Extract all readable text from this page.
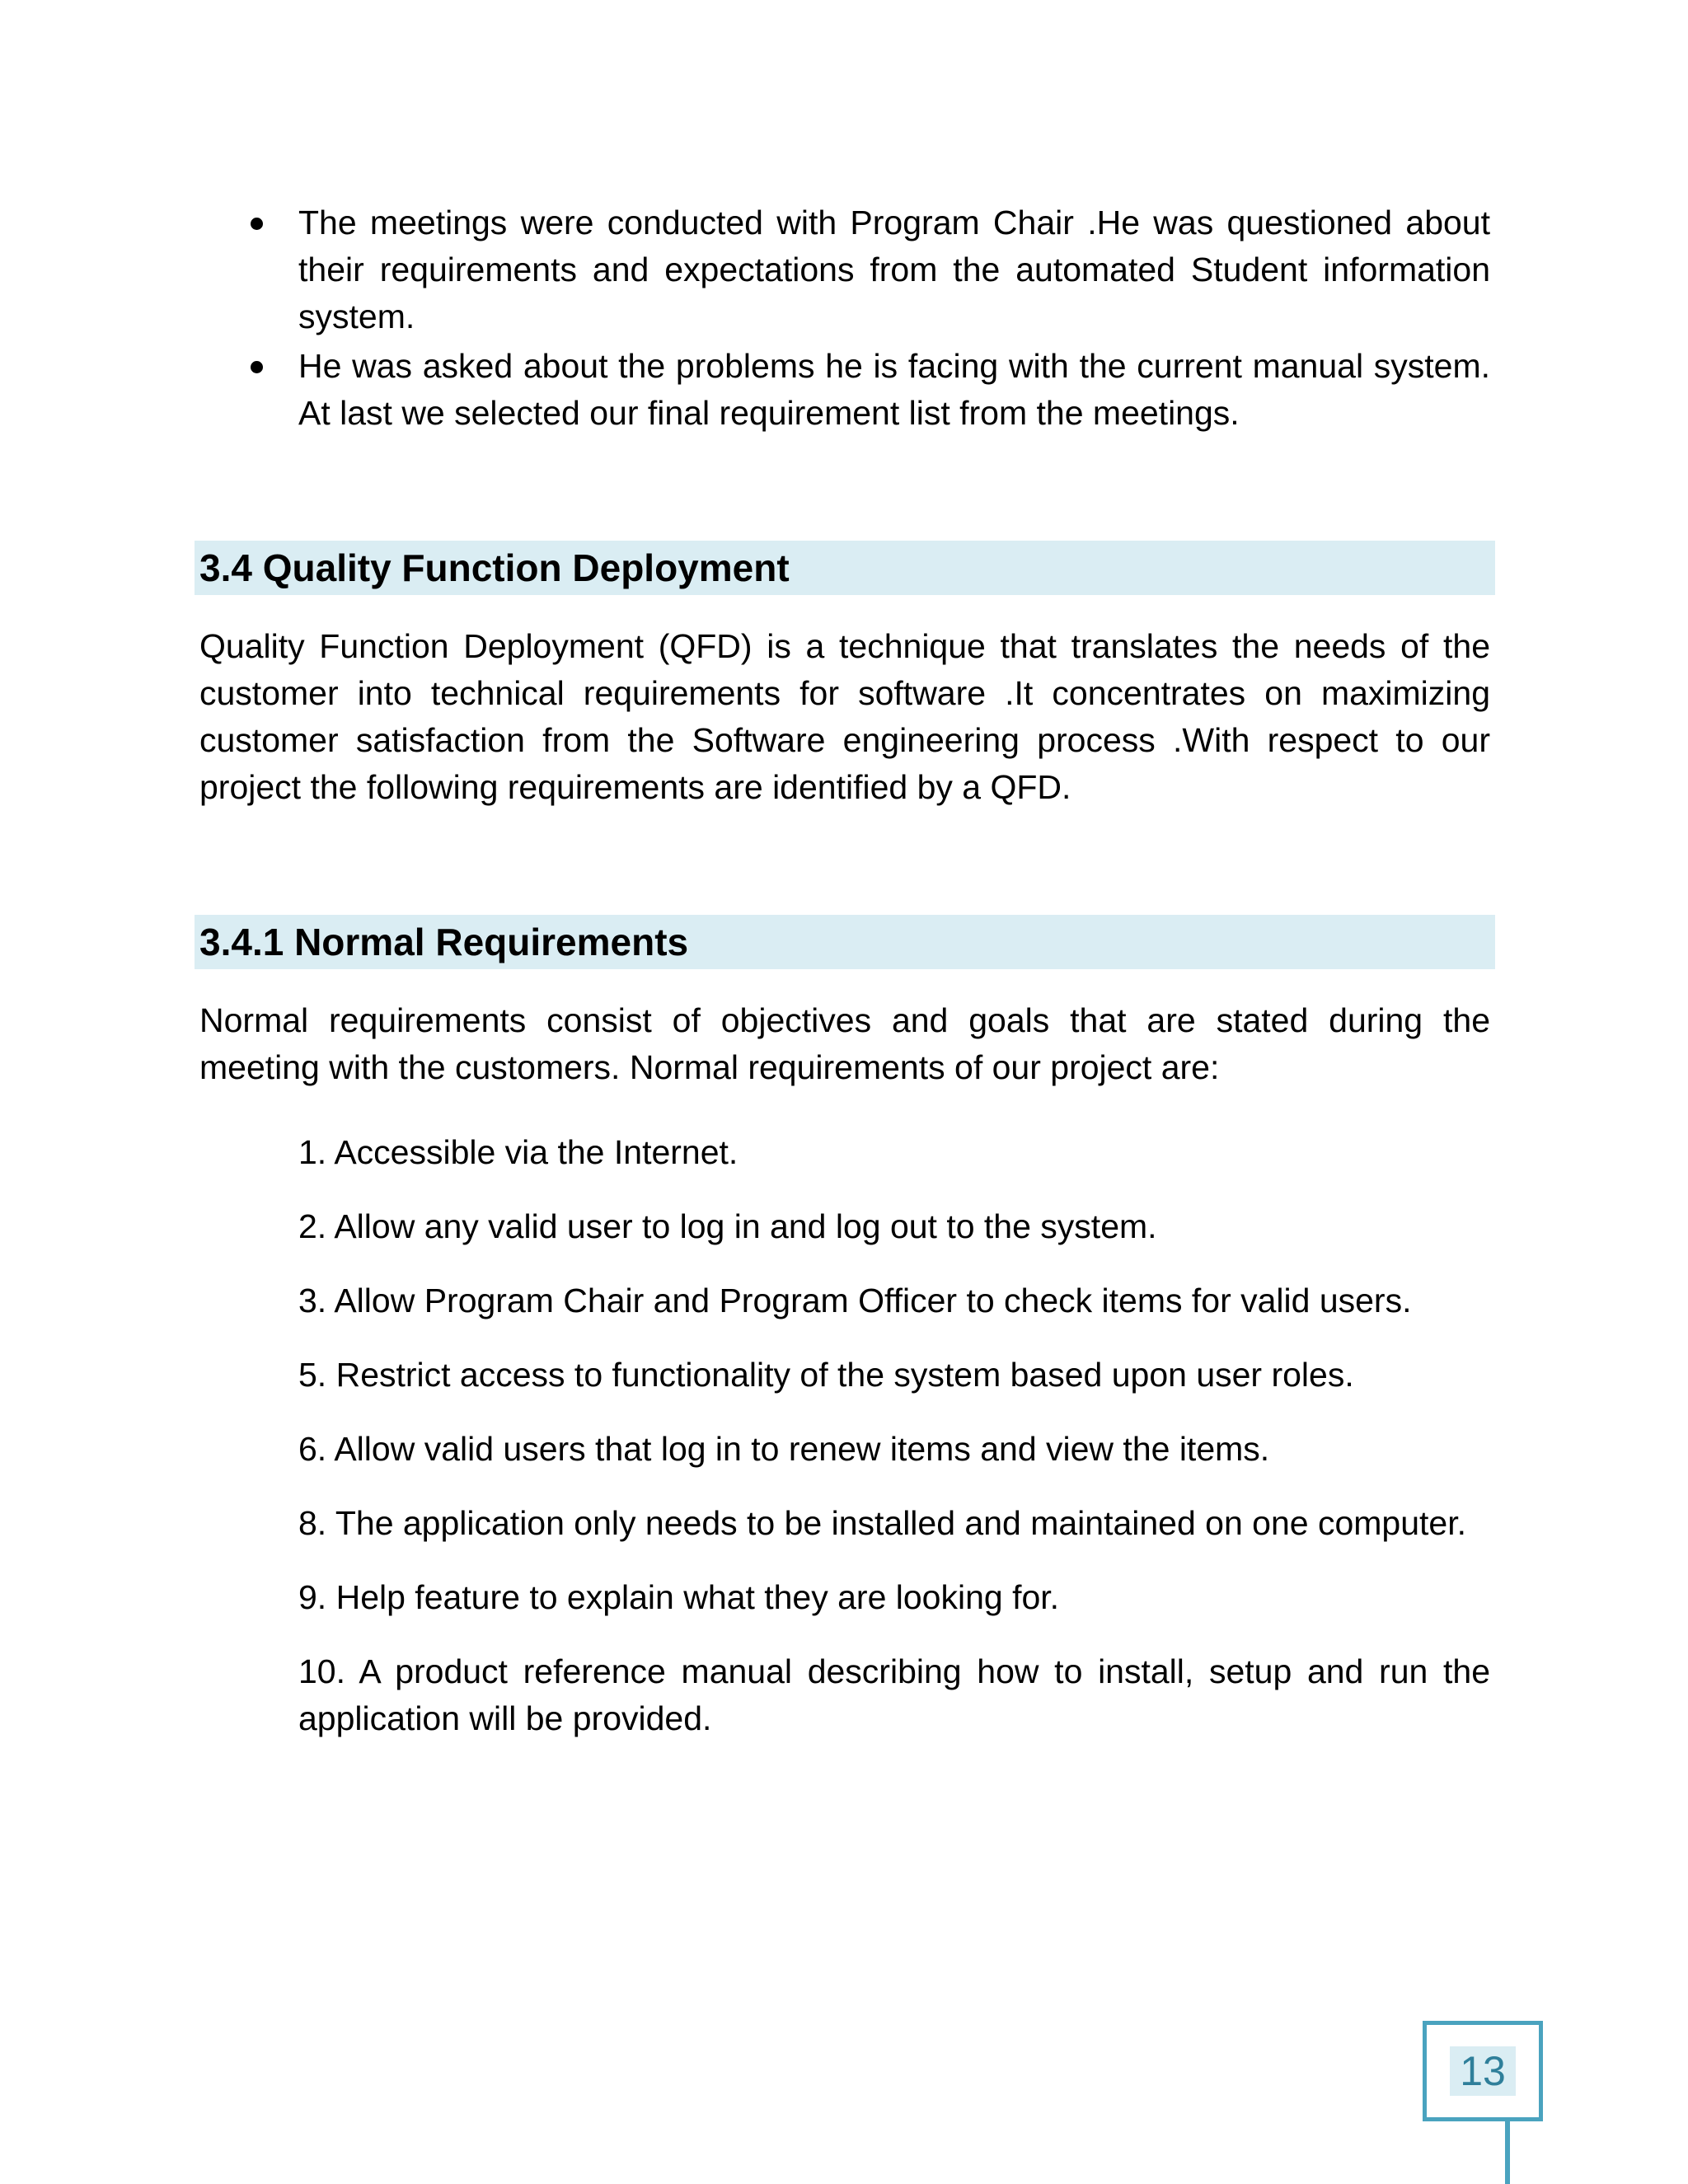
The meetings were conducted with Program Chair .He was questioned about their requirements and expectations from the automated Student information system.
He was asked about the problems he is facing with the current manual system. At last we selected our final requirement list from the meetings.
3.4 Quality Function Deployment

Quality Function Deployment (QFD) is a technique that translates the needs of the customer into technical requirements for software .It concentrates on maximizing customer satisfaction from the Software engineering process .With respect to our project the following requirements are identified by a QFD.

3.4.1 Normal Requirements

Normal requirements consist of objectives and goals that are stated during the meeting with the customers. Normal requirements of our project are:

1. Accessible via the Internet.
2. Allow any valid user to log in and log out to the system.
3. Allow Program Chair and Program Officer to check items for valid users.
5. Restrict access to functionality of the system based upon user roles.
6. Allow valid users that log in to renew items and view the items.
8. The application only needs to be installed and maintained on one computer.
9. Help feature to explain what they are looking for.
10. A product reference manual describing how to install, setup and run the application will be provided.
13
